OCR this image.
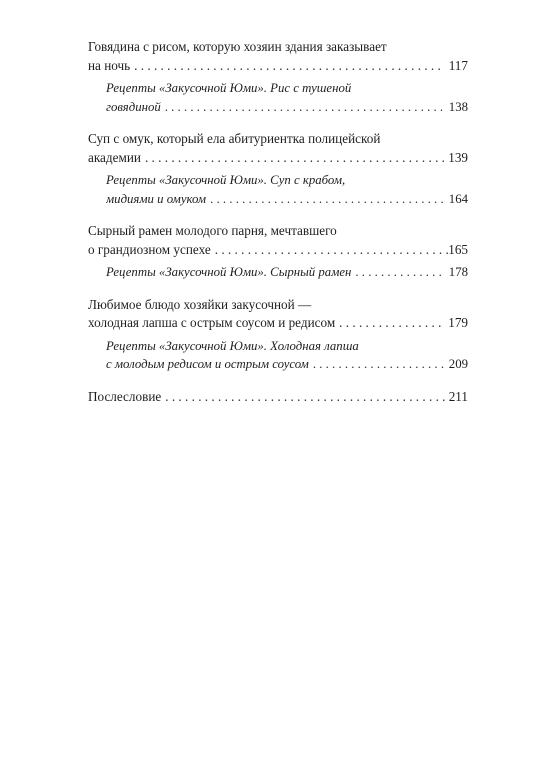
Говядина с рисом, которую хозяин здания заказывает
на ночь . . .	117
Рецепты «Закусочной Юми». Рис с тушеной
говядиной . . .	138
Суп с омук, который ела абитуриентка полицейской
академии . . .	139
Рецепты «Закусочной Юми». Суп с крабом,
мидиями и омуком . . .	164
Сырный рамен молодого парня, мечтавшего
о грандиозном успехе . . .	165
Рецепты «Закусочной Юми». Сырный рамен . . .	178
Любимое блюдо хозяйки закусочной —
холодная лапша с острым соусом и редисом . . .	179
Рецепты «Закусочной Юми». Холодная лапша
с молодым редисом и острым соусом . . .	209
Послесловие . . .	211
